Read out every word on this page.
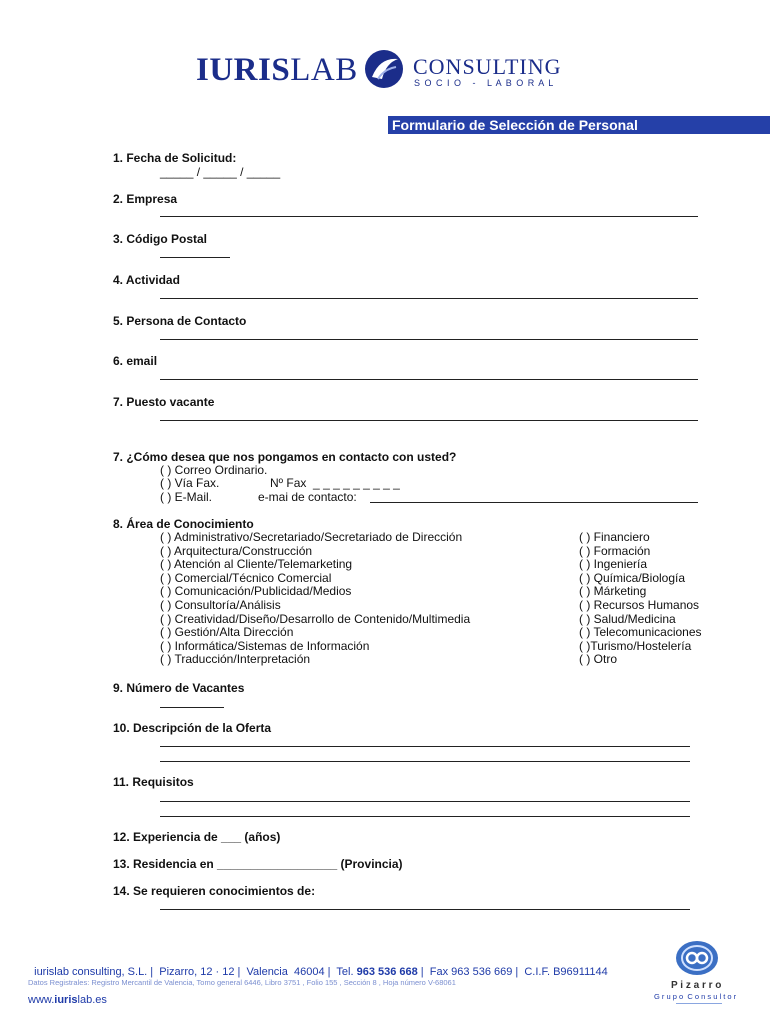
IURISLAB	CONSULTING
S O C I O   -   L A B O R A L
Formulario de Selección de Personal
1. Fecha de Solicitud:
_____ / _____ / _____
2. Empresa
3. Código Postal
4. Actividad
5. Persona de Contacto
6. email
7. Puesto vacante
7. ¿Cómo desea que nos pongamos en contacto con usted?
( ) Correo Ordinario.
( ) Vía Fax.	Nº Fax  _ _ _ _ _ _ _ _ _
( ) E-Mail.	e-mai de contacto:
8. Área de Conocimiento
( ) Administrativo/Secretariado/Secretariado de Dirección
( ) Arquitectura/Construcción
( ) Atención al Cliente/Telemarketing
( ) Comercial/Técnico Comercial
( ) Comunicación/Publicidad/Medios
( ) Consultoría/Análisis
( ) Creatividad/Diseño/Desarrollo de Contenido/Multimedia
( ) Gestión/Alta Dirección
( ) Informática/Sistemas de Información
( ) Traducción/Interpretación
( ) Financiero
( ) Formación
( ) Ingeniería
( ) Química/Biología
( ) Márketing
( ) Recursos Humanos
( ) Salud/Medicina
( ) Telecomunicaciones
( )Turismo/Hostelería
( ) Otro
9. Número de Vacantes
10. Descripción de la Oferta
11. Requisitos
12. Experiencia de ___ (años)
13. Residencia en __________________ (Provincia)
14. Se requieren conocimientos de:

iurislab consulting, S.L. |  Pizarro, 12 · 12 |  Valencia  46004 |  Tel. 963 536 668 |  Fax 963 536 669 |  C.I.F. B96911144

Datos Registrales: Registro Mercantil de Valencia, Tomo general 6446, Libro 3751 , Folio 155 , Sección 8 , Hoja número V-68061
www.iurislab.es
P i z a r r o
G r u p o  C o n s u l t o r
